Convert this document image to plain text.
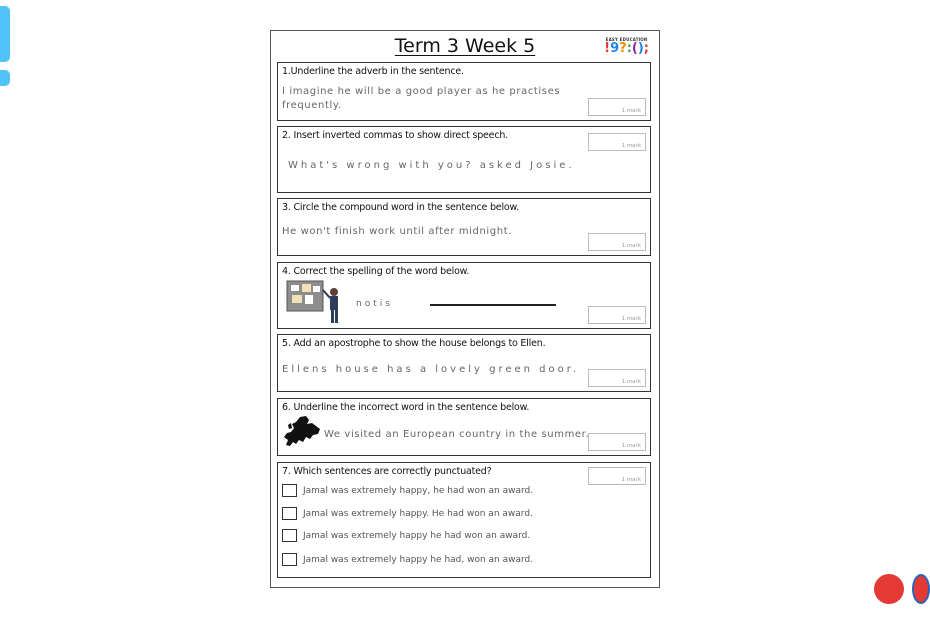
Term 3 Week 5	EASY EDUCATION
!9?:();
1.Underline the adverb in the sentence.
I imagine he will be a good player as he practises
frequently.	1 mark
2. Insert inverted commas to show direct speech.
1 mark
What's wrong with you? asked Josie.
3. Circle the compound word in the sentence below.
He won't finish work until after midnight.
1 mark
4. Correct the spelling of the word below.
notis
1 mark
5. Add an apostrophe to show the house belongs to Ellen.
Ellens house has a lovely green door.
1 mark
6. Underline the incorrect word in the sentence below.
We visited an European country in the summer.
1 mark
7. Which sentences are correctly punctuated?
1 mark
Jamal was extremely happy, he had won an award.
Jamal was extremely happy. He had won an award.
Jamal was extremely happy he had won an award.
Jamal was extremely happy he had, won an award.
